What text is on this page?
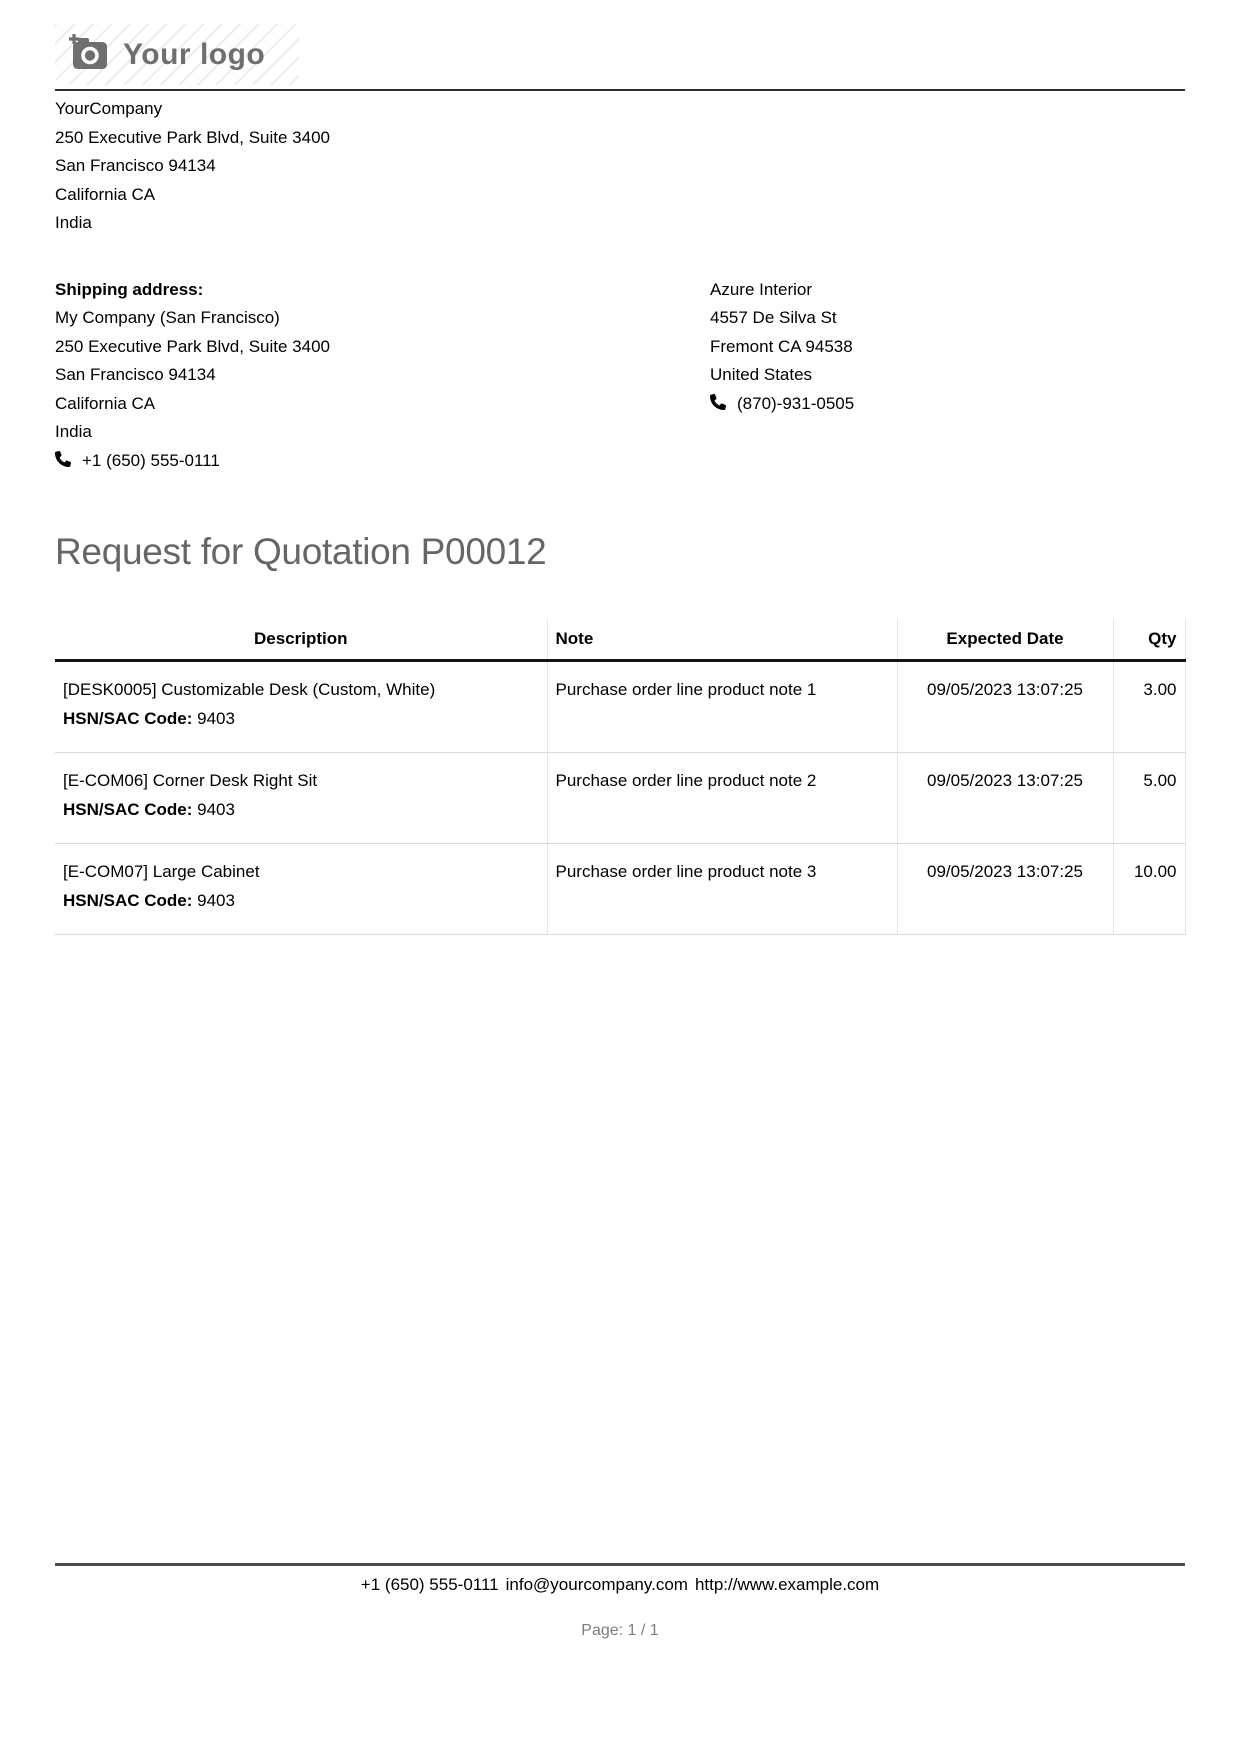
Your logo
YourCompany
250 Executive Park Blvd, Suite 3400
San Francisco 94134
California CA
India
Shipping address:
My Company (San Francisco)
250 Executive Park Blvd, Suite 3400
San Francisco 94134
California CA
India
+1 (650) 555-0111
Azure Interior
4557 De Silva St
Fremont CA 94538
United States
(870)-931-0505
Request for Quotation P00012
Description	Note	Expected Date	Qty

[DESK0005] Customizable Desk (Custom, White)
HSN/SAC Code: 9403	Purchase order line product note 1	09/05/2023 13:07:25	3.00

[E-COM06] Corner Desk Right Sit
HSN/SAC Code: 9403	Purchase order line product note 2	09/05/2023 13:07:25	5.00

[E-COM07] Large Cabinet
HSN/SAC Code: 9403	Purchase order line product note 3	09/05/2023 13:07:25	10.00
+1 (650) 555-0111 info@yourcompany.com http://www.example.com
Page: 1 / 1
